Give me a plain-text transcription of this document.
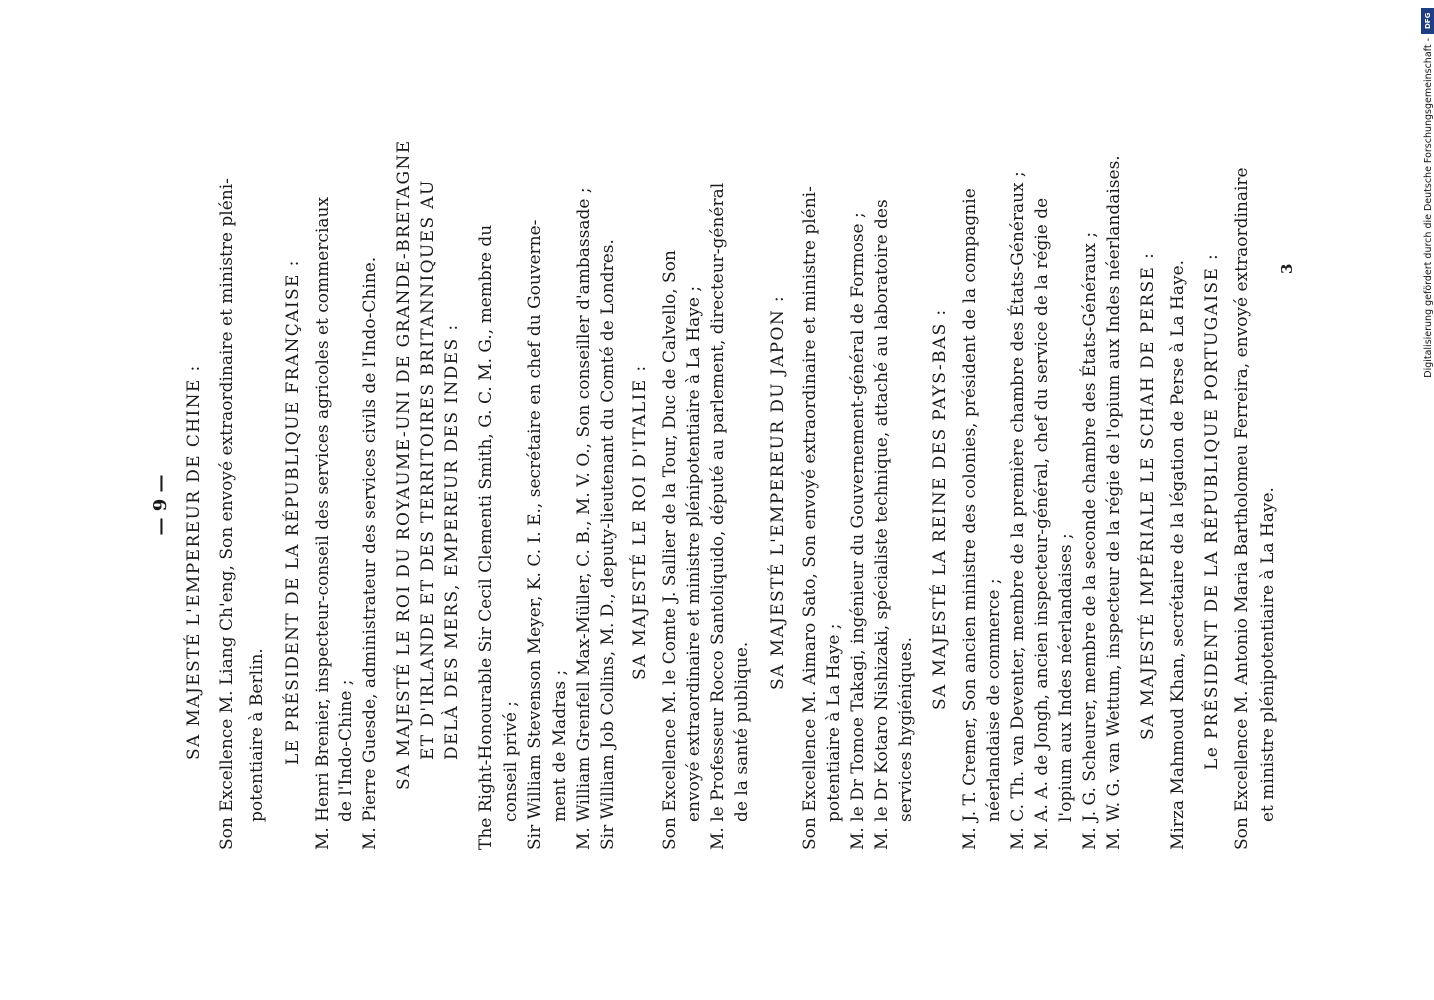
— 9 — SA MAJESTÉ L'EMPEREUR DE CHINE : Son Excellence M. Liang Ch'eng, Son envoyé extraordinaire et ministre pléni- potentiaire à Berlin. LE PRÉSIDENT DE LA RÉPUBLIQUE FRANÇAISE : M. Henri Brenier, inspecteur-conseil des services agricoles et commerciaux de l'Indo-Chine ; M. Pierre Guesde, administrateur des services civils de l'Indo-Chine. SA MAJESTÉ LE ROI DU ROYAUME-UNI DE GRANDE-BRETAGNE ET D'IRLANDE ET DES TERRITOIRES BRITANNIQUES AU DELÀ DES MERS, EMPEREUR DES INDES : The Right-Honourable Sir Cecil Clementi Smith, G. C. M. G., membre du conseil privé ; Sir William Stevenson Meyer, K. C. I. E., secrétaire en chef du Gouverne- ment de Madras ; M. William Grenfell Max-Müller, C. B., M. V. O., Son conseiller d'ambassade ; Sir William Job Collins, M. D., deputy-lieutenant du Comté de Londres. SA MAJESTÉ LE ROI D'ITALIE : Son Excellence M. le Comte J. Sallier de la Tour, Duc de Calvello, Son envoyé extraordinaire et ministre plénipotentiaire à La Haye ; M. le Professeur Rocco Santoliquido, député au parlement, directeur-général de la santé publique.
SA MAJESTÉ L'EMPEREUR DU JAPON : Son Excellence M. Aimaro Sato, Son envoyé extraordinaire et ministre pléni- potentiaire à La Haye ; M. le Dr Tomoe Takagi, ingénieur du Gouvernement-général de Formose ; M. le Dr Kotaro Nishizaki, spécialiste technique, attaché au laboratoire des services hygiéniques.
SA MAJESTÉ LA REINE DES PAYS-BAS : M. J. T. Cremer, Son ancien ministre des colonies, président de la compagnie néerlandaise de commerce ; M. C. Th. van Deventer, membre de la première chambre des États-Généraux ; M. A. A. de Jongh, ancien inspecteur-général, chef du service de la régie de l'opium aux Indes néerlandaises ; M. J. G. Scheurer, membre de la seconde chambre des États-Généraux ; M. W. G. van Wettum, inspecteur de la régie de l'opium aux Indes néerlandaises. SA MAJESTÉ IMPÉRIALE LE SCHAH DE PERSE : Mirza Mahmoud Khan, secrétaire de la légation de Perse à La Haye. Le PRÉSIDENT DE LA RÉPUBLIQUE PORTUGAISE : Son Excellence M. Antonio Maria Bartholomeu Ferreira, envoyé extraordinaire et ministre plénipotentiaire à La Haye.
3
DFG
Digitalisierung gefördert durch die Deutsche Forschungsgemeinschaft -
